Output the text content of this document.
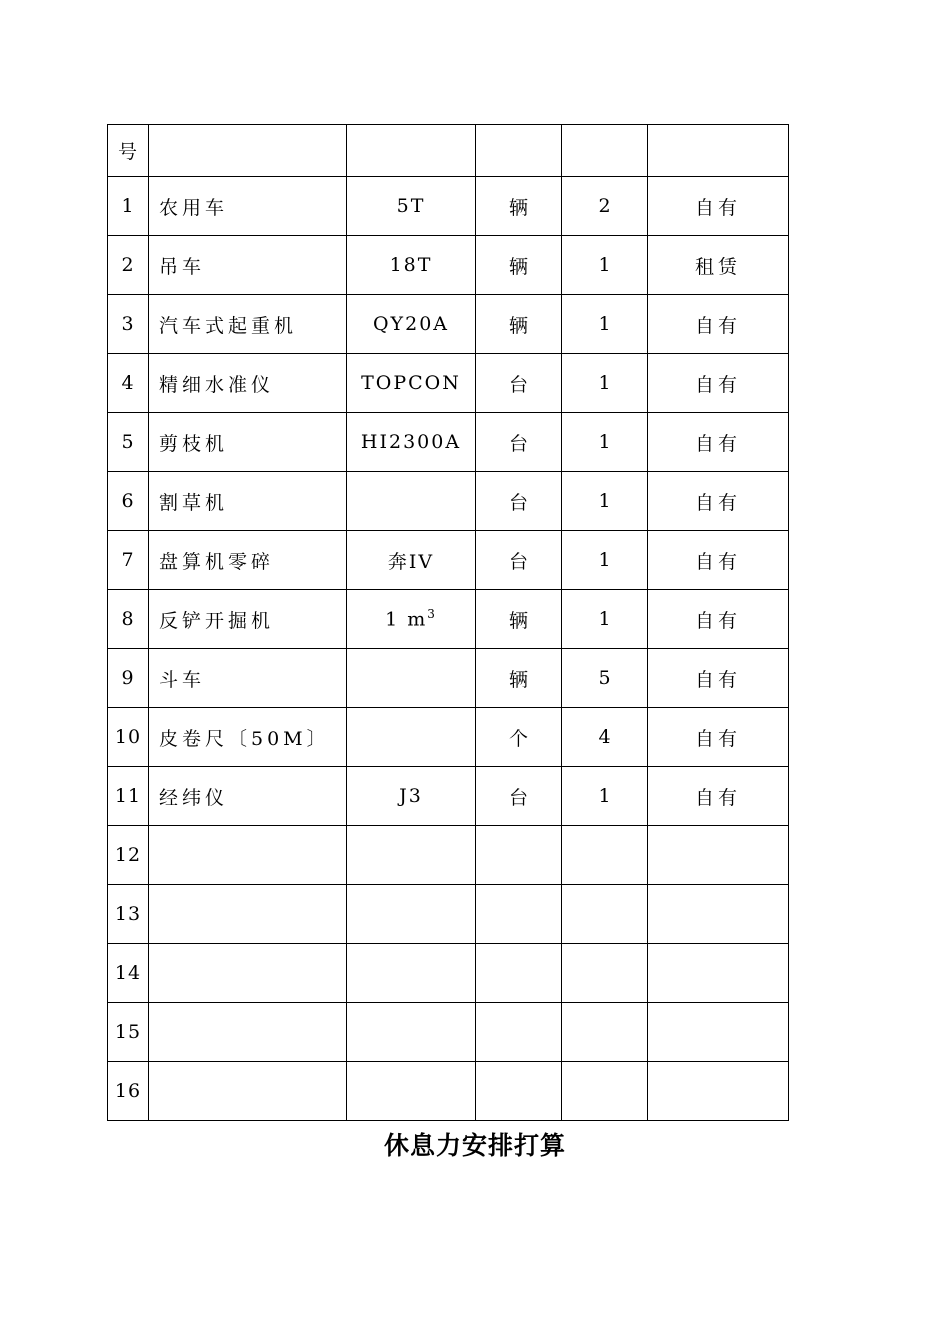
号					
1	农用车	5T	辆	2	自有
2	吊车	18T	辆	1	租赁
3	汽车式起重机	QY20A	辆	1	自有
4	精细水准仪	TOPCON	台	1	自有
5	剪枝机	HI2300A	台	1	自有
6	割草机		台	1	自有
7	盘算机零碎	奔IV	台	1	自有
8	反铲开掘机	1 $m^3$	辆	1	自有
9	斗车		辆	5	自有
10	皮卷尺〔50M〕		个	4	自有
11	经纬仪	J3	台	1	自有
12					
13					
14					
15					
16					
休息力安排打算
